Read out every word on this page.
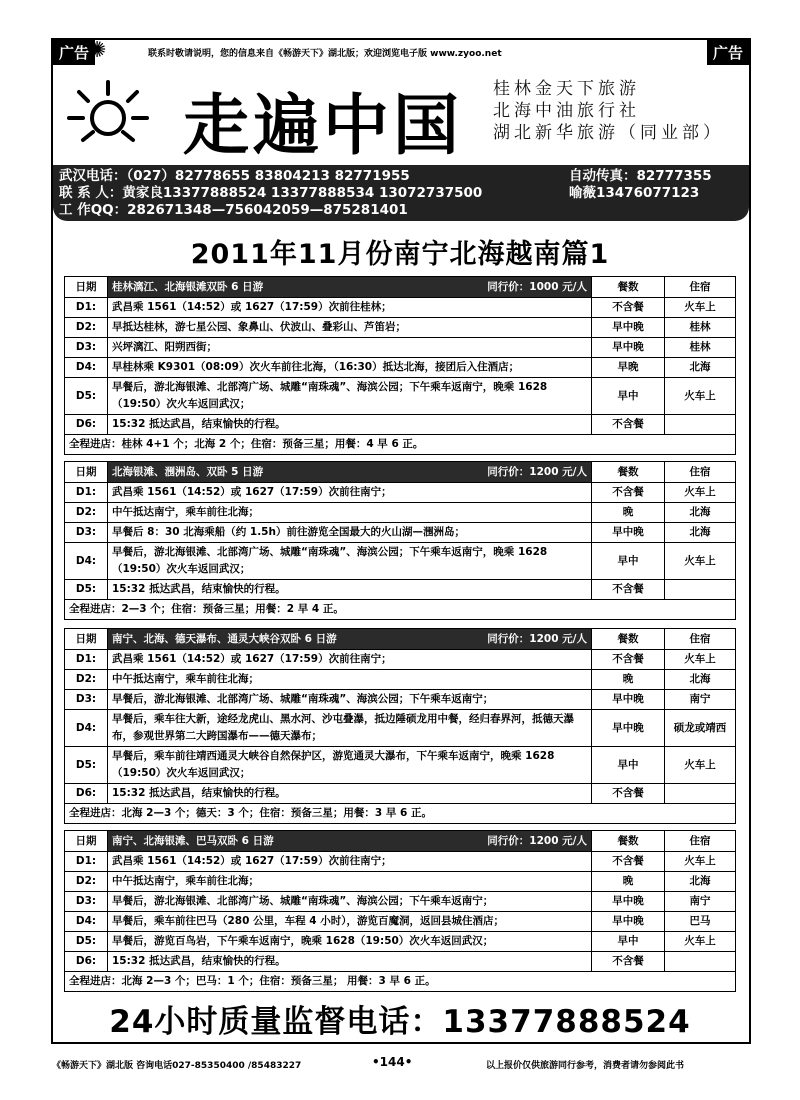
广告
✺	联系时敬请说明，您的信息来自《畅游天下》湖北版；欢迎浏览电子版 www.zyoo.net	广告
走遍中国 桂林金天下旅游
北海中油旅行社
湖北新华旅游（同业部）
武汉电话：（027）82778655 83804213 82771955	自动传真：82777355
联 系 人：黄家良13377888524 13377888534 13072737500	喻薇13476077123
工 作QQ：282671348—756042059—875281401
2011年11月份南宁北海越南篇1
日期	桂林漓江、北海银滩双卧 6 日游 同行价：1000 元/人	餐数	住宿
D1:	武昌乘 1561（14:52）或 1627（17:59）次前往桂林；	不含餐	火车上
D2:	早抵达桂林，游七星公园、象鼻山、伏波山、叠彩山、芦笛岩；	早中晚	桂林
D3:	兴坪漓江、阳朔西街；	早中晚	桂林
D4:	早桂林乘 K9301（08:09）次火车前往北海，（16:30）抵达北海，接团后入住酒店；	早晚	北海
D5:	早餐后，游北海银滩、北部湾广场、城雕“南珠魂”、海滨公园；下午乘车返南宁，晚乘 1628（19:50）次火车返回武汉；	早中	火车上
D6:	15:32 抵达武昌，结束愉快的行程。	不含餐	
全程进店：桂林 4+1 个；北海 2 个；住宿：预备三星；用餐：4 早 6 正。			
日期	北海银滩、涠洲岛、双卧 5 日游 同行价：1200 元/人	餐数	住宿
D1:	武昌乘 1561（14:52）或 1627（17:59）次前往南宁；	不含餐	火车上
D2:	中午抵达南宁，乘车前往北海；	晚	北海
D3:	早餐后 8：30 北海乘船（约 1.5h）前往游览全国最大的火山湖—涠洲岛；	早中晚	北海
D4:	早餐后，游北海银滩、北部湾广场、城雕“南珠魂”、海滨公园；下午乘车返南宁，晚乘 1628（19:50）次火车返回武汉；	早中	火车上
D5:	15:32 抵达武昌，结束愉快的行程。	不含餐	
全程进店：2—3 个；住宿：预备三星；用餐：2 早 4 正。			
日期	南宁、北海、德天瀑布、通灵大峡谷双卧 6 日游 同行价：1200 元/人	餐数	住宿
D1:	武昌乘 1561（14:52）或 1627（17:59）次前往南宁；	不含餐	火车上
D2:	中午抵达南宁，乘车前往北海；	晚	北海
D3:	早餐后，游北海银滩、北部湾广场、城雕“南珠魂”、海滨公园；下午乘车返南宁；	早中晚	南宁
D4:	早餐后，乘车往大新，途经龙虎山、黑水河、沙屯叠瀑，抵边陲硕龙用中餐，经归春界河，抵德天瀑布，参观世界第二大跨国瀑布——德天瀑布；	早中晚	硕龙或靖西
D5:	早餐后，乘车前往靖西通灵大峡谷自然保护区，游览通灵大瀑布，下午乘车返南宁，晚乘 1628（19:50）次火车返回武汉；	早中	火车上
D6:	15:32 抵达武昌，结束愉快的行程。	不含餐	
全程进店：北海 2—3 个；德天：3 个；住宿：预备三星；用餐：3 早 6 正。			
日期	南宁、北海银滩、巴马双卧 6 日游 同行价：1200 元/人	餐数	住宿
D1:	武昌乘 1561（14:52）或 1627（17:59）次前往南宁；	不含餐	火车上
D2:	中午抵达南宁，乘车前往北海；	晚	北海
D3:	早餐后，游北海银滩、北部湾广场、城雕“南珠魂”、海滨公园；下午乘车返南宁；	早中晚	南宁
D4:	早餐后，乘车前往巴马（280 公里，车程 4 小时），游览百魔洞，返回县城住酒店；	早中晚	巴马
D5:	早餐后，游览百鸟岩，下午乘车返南宁，晚乘 1628（19:50）次火车返回武汉；	早中	火车上
D6:	15:32 抵达武昌，结束愉快的行程。	不含餐	
全程进店：北海 2—3 个；巴马：1 个；住宿：预备三星； 用餐：3 早 6 正。			
24小时质量监督电话：13377888524
《畅游天下》湖北版 咨询电话027-85350400 /85483227	•144•	以上报价仅供旅游同行参考，消费者请勿参阅此书
